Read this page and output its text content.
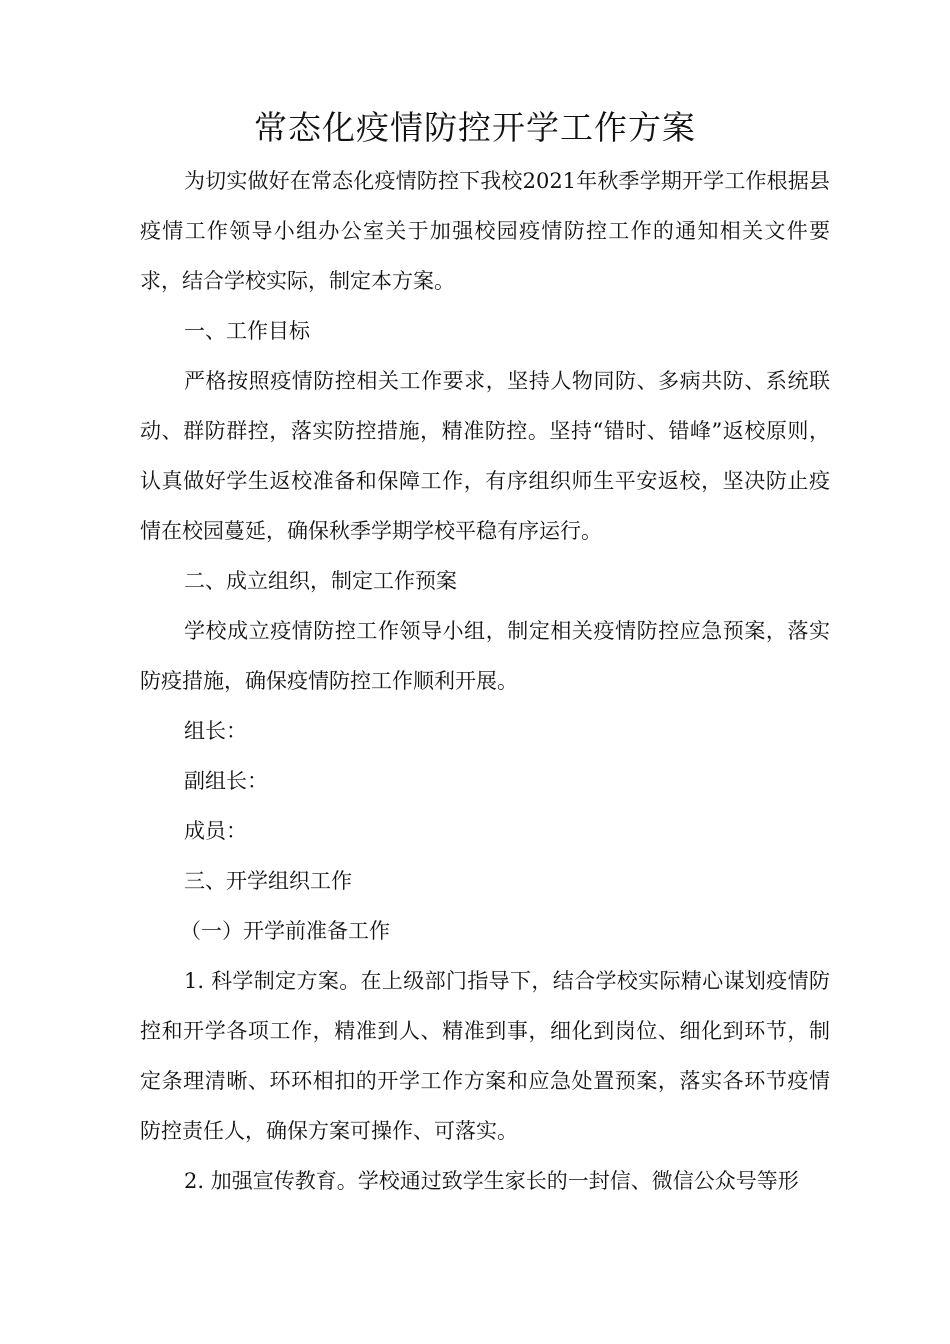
常态化疫情防控开学工作方案

为切实做好在常态化疫情防控下我校2021年秋季学期开学工作根据县疫情工作领导小组办公室关于加强校园疫情防控工作的通知相关文件要求，结合学校实际，制定本方案。

一、工作目标

严格按照疫情防控相关工作要求，坚持人物同防、多病共防、系统联动、群防群控，落实防控措施，精准防控。坚持“错时、错峰”返校原则，认真做好学生返校准备和保障工作，有序组织师生平安返校，坚决防止疫情在校园蔓延，确保秋季学期学校平稳有序运行。

二、成立组织，制定工作预案

学校成立疫情防控工作领导小组，制定相关疫情防控应急预案，落实防疫措施，确保疫情防控工作顺利开展。

组长：

副组长：

成员：

三、开学组织工作

（一）开学前准备工作

1. 科学制定方案。在上级部门指导下，结合学校实际精心谋划疫情防控和开学各项工作，精准到人、精准到事，细化到岗位、细化到环节，制定条理清晰、环环相扣的开学工作方案和应急处置预案，落实各环节疫情防控责任人，确保方案可操作、可落实。

2. 加强宣传教育。学校通过致学生家长的一封信、微信公众号等形
